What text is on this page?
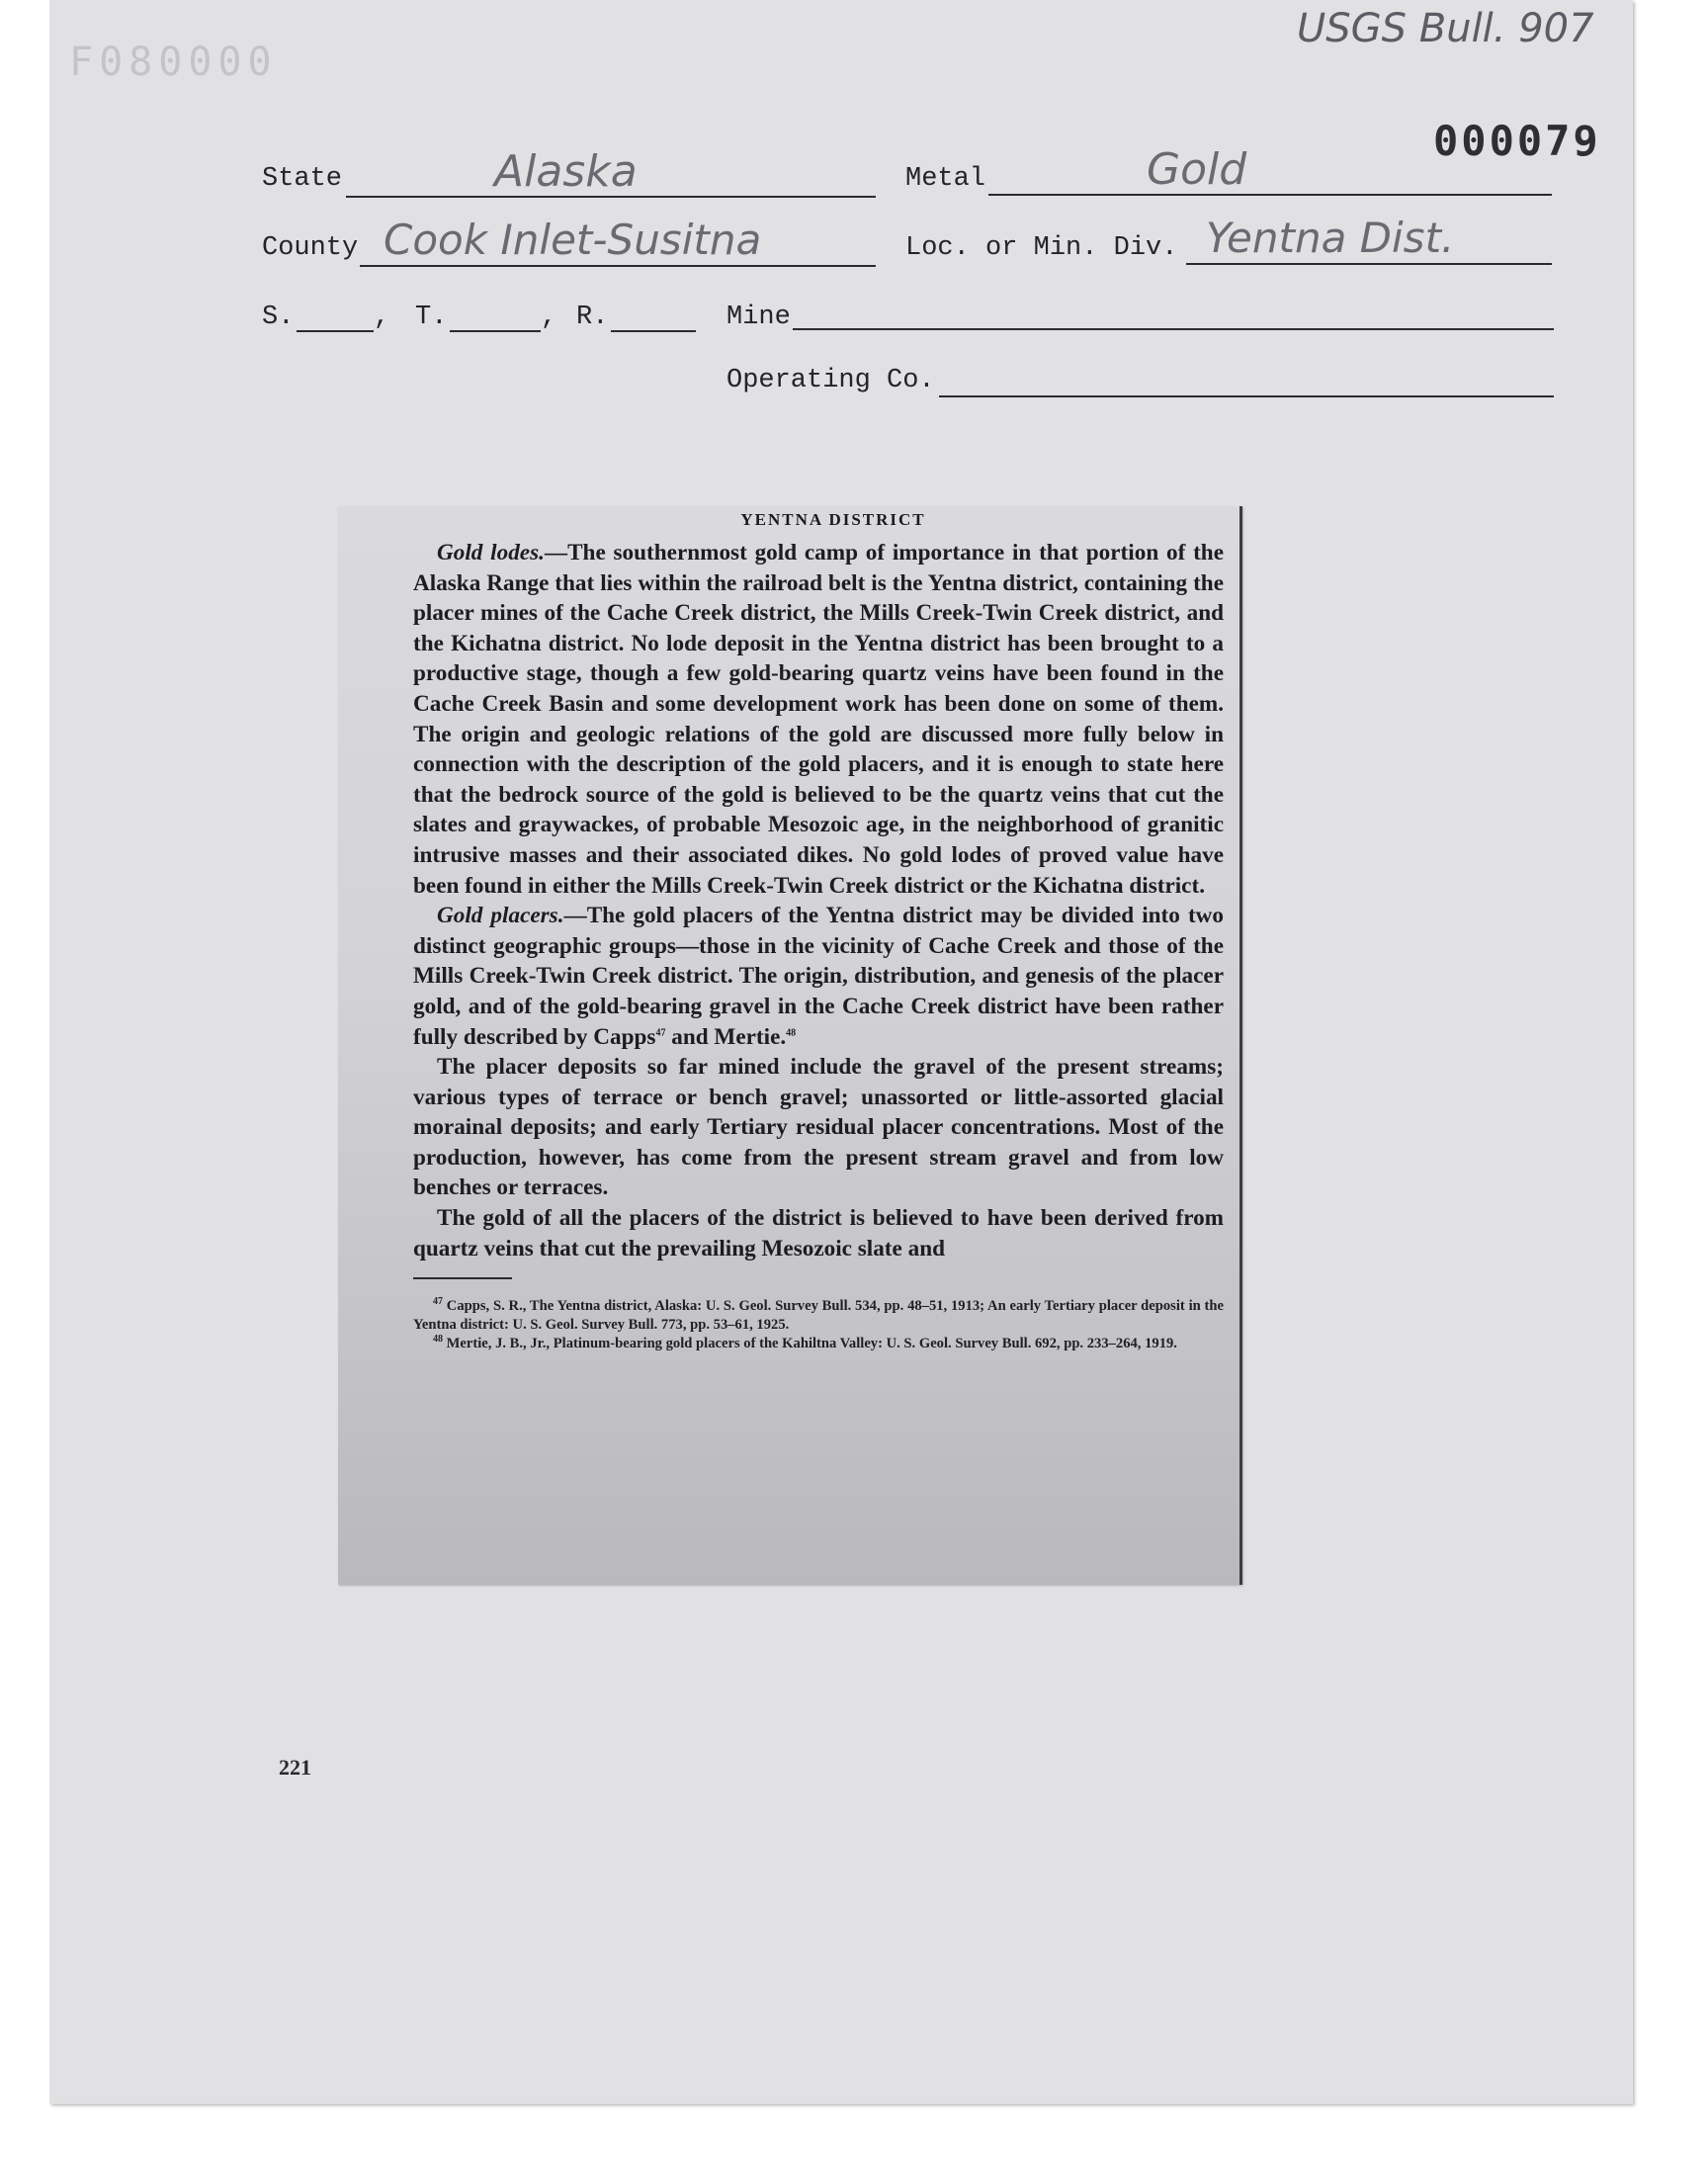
F080000
USGS Bull. 907
000079
State	Alaska	Metal	Gold
County Cook Inlet-Susitna	Loc. or Min. Div. Yentna Dist.
S.	, T.	, R.	Mine
Operating Co.
221
YENTNA DISTRICT

Gold lodes.—The southernmost gold camp of importance in that portion of the Alaska Range that lies within the railroad belt is the Yentna district, containing the placer mines of the Cache Creek district, the Mills Creek-Twin Creek district, and the Kichatna district. No lode deposit in the Yentna district has been brought to a productive stage, though a few gold-bearing quartz veins have been found in the Cache Creek Basin and some development work has been done on some of them. The origin and geologic relations of the gold are discussed more fully below in connection with the description of the gold placers, and it is enough to state here that the bedrock source of the gold is believed to be the quartz veins that cut the slates and graywackes, of probable Mesozoic age, in the neighborhood of granitic intrusive masses and their associated dikes. No gold lodes of proved value have been found in either the Mills Creek-Twin Creek district or the Kichatna district.

Gold placers.—The gold placers of the Yentna district may be divided into two distinct geographic groups—those in the vicinity of Cache Creek and those of the Mills Creek-Twin Creek district. The origin, distribution, and genesis of the placer gold, and of the gold-bearing gravel in the Cache Creek district have been rather fully described by Capps$^{47}$ and Mertie.$^{48}$

The placer deposits so far mined include the gravel of the present streams; various types of terrace or bench gravel; unassorted or little-assorted glacial morainal deposits; and early Tertiary residual placer concentrations. Most of the production, however, has come from the present stream gravel and from low benches or terraces.

The gold of all the placers of the district is believed to have been derived from quartz veins that cut the prevailing Mesozoic slate and

$^{47}$ Capps, S. R., The Yentna district, Alaska: U. S. Geol. Survey Bull. 534, pp. 48–51, 1913; An early Tertiary placer deposit in the Yentna district: U. S. Geol. Survey Bull. 773, pp. 53–61, 1925.

$^{48}$ Mertie, J. B., Jr., Platinum-bearing gold placers of the Kahiltna Valley: U. S. Geol. Survey Bull. 692, pp. 233–264, 1919.
